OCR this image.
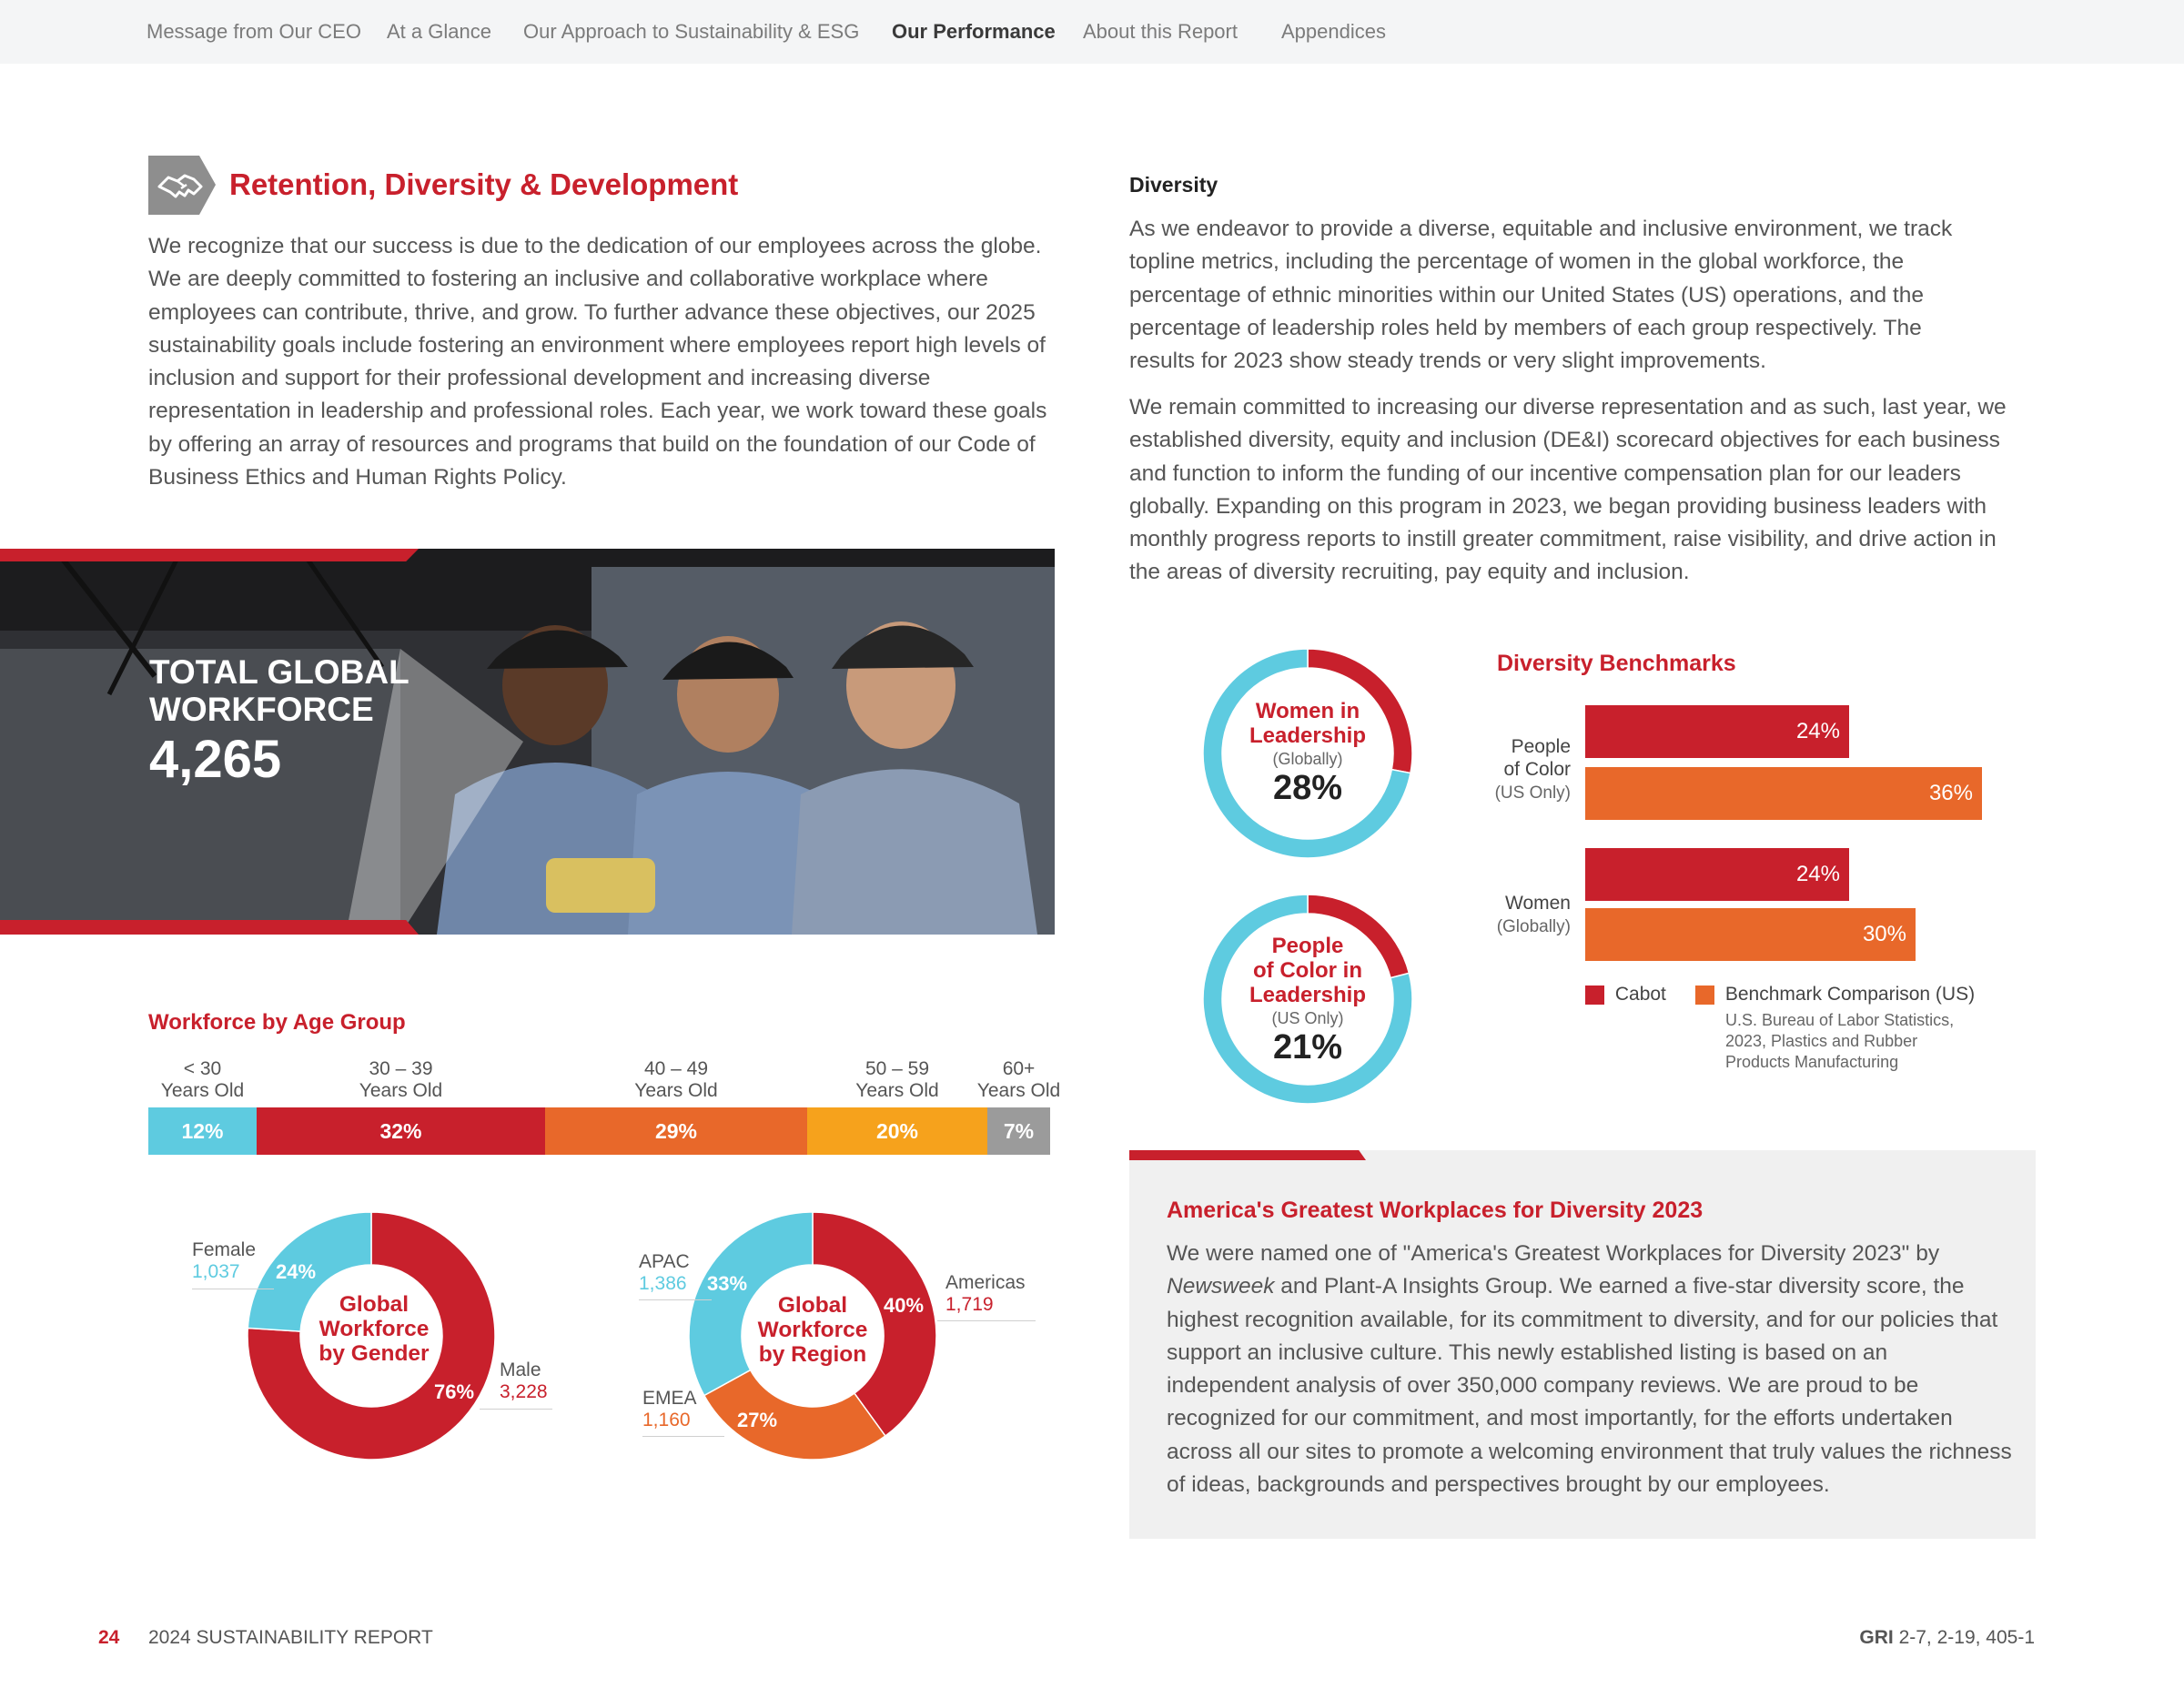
Message from Our CEO At a Glance Our Approach to Sustainability & ESG Our Performance About this Report Appendices
Retention, Diversity & Development

We recognize that our success is due to the dedication of our employees across the globe. We are deeply committed to fostering an inclusive and collaborative workplace where employees can contribute, thrive, and grow. To further advance these objectives, our 2025 sustainability goals include fostering an environment where employees report high levels of inclusion and support for their professional development and increasing diverse representation in leadership and professional roles. Each year, we work toward these goals by offering an array of resources and programs that build on the foundation of our Code of Business Ethics and Human Rights Policy.

TOTAL GLOBAL
WORKFORCE
4,265
Workforce by Age Group
12%
< 30
Years Old
32%
30 – 39
Years Old
29%
40 – 49
Years Old
20%
50 – 59
Years Old
7%
60+
Years Old
Global
Workforce
by Gender
Female
1,037	24%
76%
Male
3,228
Global
Workforce
by Region
APAC
1,386 33%
40%
Americas
1,719
EMEA
1,160	27%
Diversity

As we endeavor to provide a diverse, equitable and inclusive environment, we track topline metrics, including the percentage of women in the global workforce, the percentage of ethnic minorities within our United States (US) operations, and the percentage of leadership roles held by members of each group respectively. The results for 2023 show steady trends or very slight improvements.

We remain committed to increasing our diverse representation and as such, last year, we established diversity, equity and inclusion (DE&I) scorecard objectives for each business and function to inform the funding of our incentive compensation plan for our leaders globally. Expanding on this program in 2023, we began providing business leaders with monthly progress reports to instill greater commitment, raise visibility, and drive action in the areas of diversity recruiting, pay equity and inclusion.

Women in
Leadership
(Globally)
28%
People
of Color in
Leadership
(US Only)
21%
Diversity Benchmarks
People
of Color
(US Only)
Women
(Globally)
24%
36%
24%
30%
Cabot	Benchmark Comparison (US)
U.S. Bureau of Labor Statistics,
2023, Plastics and Rubber
Products Manufacturing
America's Greatest Workplaces for Diversity 2023

We were named one of "America's Greatest Workplaces for Diversity 2023" by Newsweek and Plant-A Insights Group. We earned a five-star diversity score, the highest recognition available, for its commitment to diversity, and for our policies that support an inclusive culture. This newly established listing is based on an independent analysis of over 350,000 company reviews. We are proud to be recognized for our commitment, and most importantly, for the efforts undertaken across all our sites to promote a welcoming environment that truly values the richness of ideas, backgrounds and perspectives brought by our employees.

24 2024 SUSTAINABILITY REPORT	GRI 2-7, 2-19, 405-1
